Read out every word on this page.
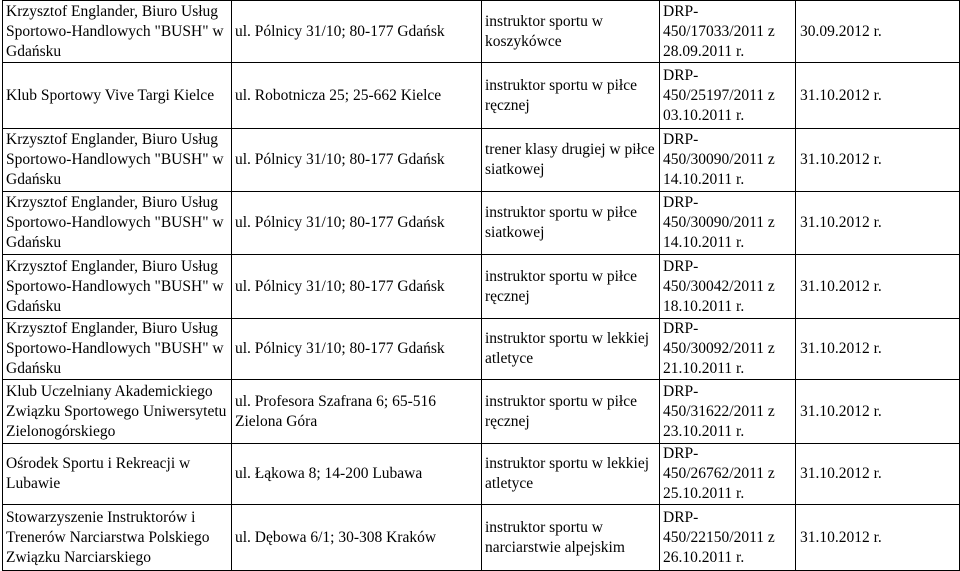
Krzysztof Englander, Biuro Usług Sportowo-Handlowych "BUSH" w Gdańsku	ul. Pólnicy 31/10; 80-177 Gdańsk	instruktor sportu w koszykówce	DRP-450/17033/2011 z 28.09.2011 r.	30.09.2012 r.
Klub Sportowy Vive Targi Kielce	ul. Robotnicza 25; 25-662 Kielce	instruktor sportu w piłce ręcznej	DRP-450/25197/2011 z 03.10.2011 r.	31.10.2012 r.
Krzysztof Englander, Biuro Usług Sportowo-Handlowych "BUSH" w Gdańsku	ul. Pólnicy 31/10; 80-177 Gdańsk	trener klasy drugiej w piłce siatkowej	DRP-450/30090/2011 z 14.10.2011 r.	31.10.2012 r.
Krzysztof Englander, Biuro Usług Sportowo-Handlowych "BUSH" w Gdańsku	ul. Pólnicy 31/10; 80-177 Gdańsk	instruktor sportu w piłce siatkowej	DRP-450/30090/2011 z 14.10.2011 r.	31.10.2012 r.
Krzysztof Englander, Biuro Usług Sportowo-Handlowych "BUSH" w Gdańsku	ul. Pólnicy 31/10; 80-177 Gdańsk	instruktor sportu w piłce ręcznej	DRP-450/30042/2011 z 18.10.2011 r.	31.10.2012 r.
Krzysztof Englander, Biuro Usług Sportowo-Handlowych "BUSH" w Gdańsku	ul. Pólnicy 31/10; 80-177 Gdańsk	instruktor sportu w lekkiej atletyce	DRP-450/30092/2011 z 21.10.2011 r.	31.10.2012 r.
Klub Uczelniany Akademickiego Związku Sportowego Uniwersytetu Zielonogórskiego	ul. Profesora Szafrana 6; 65-516 Zielona Góra	instruktor sportu w piłce ręcznej	DRP-450/31622/2011 z 23.10.2011 r.	31.10.2012 r.
Ośrodek Sportu i Rekreacji w Lubawie	ul. Łąkowa 8; 14-200 Lubawa	instruktor sportu w lekkiej atletyce	DRP-450/26762/2011 z 25.10.2011 r.	31.10.2012 r.
Stowarzyszenie Instruktorów i Trenerów Narciarstwa Polskiego Związku Narciarskiego	ul. Dębowa 6/1; 30-308 Kraków	instruktor sportu w narciarstwie alpejskim	DRP-450/22150/2011 z 26.10.2011 r.	31.10.2012 r.
